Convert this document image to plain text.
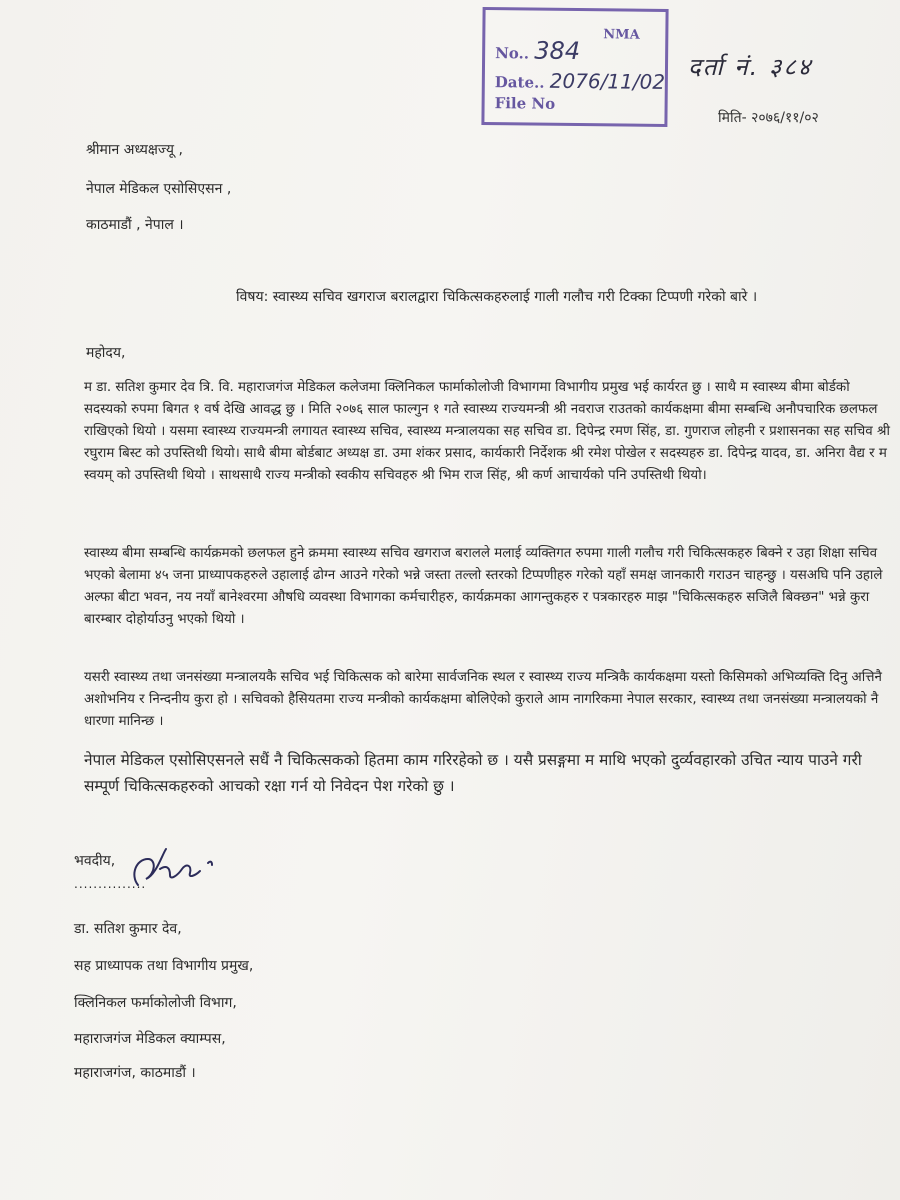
NMA
No.. 384
Date.. 2076/11/02
File No
दर्ता नं. ३८४
मिति- २०७६/११/०२
श्रीमान अध्यक्षज्यू ,
नेपाल मेडिकल एसोसिएसन ,
काठमाडौं , नेपाल ।
विषय: स्वास्थ्य सचिव खगराज बरालद्वारा चिकित्सकहरुलाई गाली गलौच गरी टिक्का टिप्पणी गरेको बारे ।
महोदय,
म डा. सतिश कुमार देव त्रि. वि. महाराजगंज मेडिकल कलेजमा क्लिनिकल फार्माकोलोजी विभागमा विभागीय प्रमुख भई कार्यरत छु । साथै म स्वास्थ्य बीमा बोर्डको सदस्यको रुपमा बिगत १ वर्ष देखि आवद्ध छु । मिति २०७६ साल फाल्गुन १ गते स्वास्थ्य राज्यमन्त्री श्री नवराज राउतको कार्यकक्षमा बीमा सम्बन्धि अनौपचारिक छलफल राखिएको थियो । यसमा स्वास्थ्य राज्यमन्त्री लगायत स्वास्थ्य सचिव, स्वास्थ्य मन्त्रालयका सह सचिव डा. दिपेन्द्र रमण सिंह, डा. गुणराज लोहनी र प्रशासनका सह सचिव श्री रघुराम बिस्ट को उपस्तिथी थियो। साथै बीमा बोर्डबाट अध्यक्ष डा. उमा शंकर प्रसाद, कार्यकारी निर्देशक श्री रमेश पोखेल र सदस्यहरु डा. दिपेन्द्र यादव, डा. अनिरा वैद्य र म स्वयम् को उपस्तिथी थियो । साथसाथै राज्य मन्त्रीको स्वकीय सचिवहरु श्री भिम राज सिंह, श्री कर्ण आचार्यको पनि उपस्तिथी थियो।
स्वास्थ्य बीमा सम्बन्धि कार्यक्रमको छलफल हुने क्रममा स्वास्थ्य सचिव खगराज बरालले मलाई व्यक्तिगत रुपमा गाली गलौच गरी चिकित्सकहरु बिक्ने र उहा शिक्षा सचिव भएको बेलामा ४५ जना प्राध्यापकहरुले उहालाई ढोग्न आउने गरेको भन्ने जस्ता तल्लो स्तरको टिप्पणीहरु गरेको यहाँ समक्ष जानकारी गराउन चाहन्छु । यसअघि पनि उहाले अल्फा बीटा भवन, नय नयाँ बानेश्वरमा औषधि व्यवस्था विभागका कर्मचारीहरु, कार्यक्रमका आगन्तुकहरु र पत्रकारहरु माझ "चिकित्सकहरु सजिलै बिक्छन" भन्ने कुरा बारम्बार दोहोर्याउनु भएको थियो ।
यसरी स्वास्थ्य तथा जनसंख्या मन्त्रालयकै सचिव भई चिकित्सक को बारेमा सार्वजनिक स्थल र स्वास्थ्य राज्य मन्त्रिकै कार्यकक्षमा यस्तो किसिमको अभिव्यक्ति दिनु अत्तिनै अशोभनिय र निन्दनीय कुरा हो । सचिवको हैसियतमा राज्य मन्त्रीको कार्यकक्षमा बोलिऐको कुराले आम नागरिकमा नेपाल सरकार, स्वास्थ्य तथा जनसंख्या मन्त्रालयको नै धारणा मानिन्छ ।
नेपाल मेडिकल एसोसिएसनले सधैं नै चिकित्सकको हितमा काम गरिरहेको छ । यसै प्रसङ्गमा म माथि भएको दुर्व्यवहारको उचित न्याय पाउने गरी सम्पूर्ण चिकित्सकहरुको आचको रक्षा गर्न यो निवेदन पेश गरेको छु ।
भवदीय,
...............
डा. सतिश कुमार देव,
सह प्राध्यापक तथा विभागीय प्रमुख,
क्लिनिकल फर्माकोलोजी विभाग,
महाराजगंज मेडिकल क्याम्पस,
महाराजगंज, काठमाडौं ।
